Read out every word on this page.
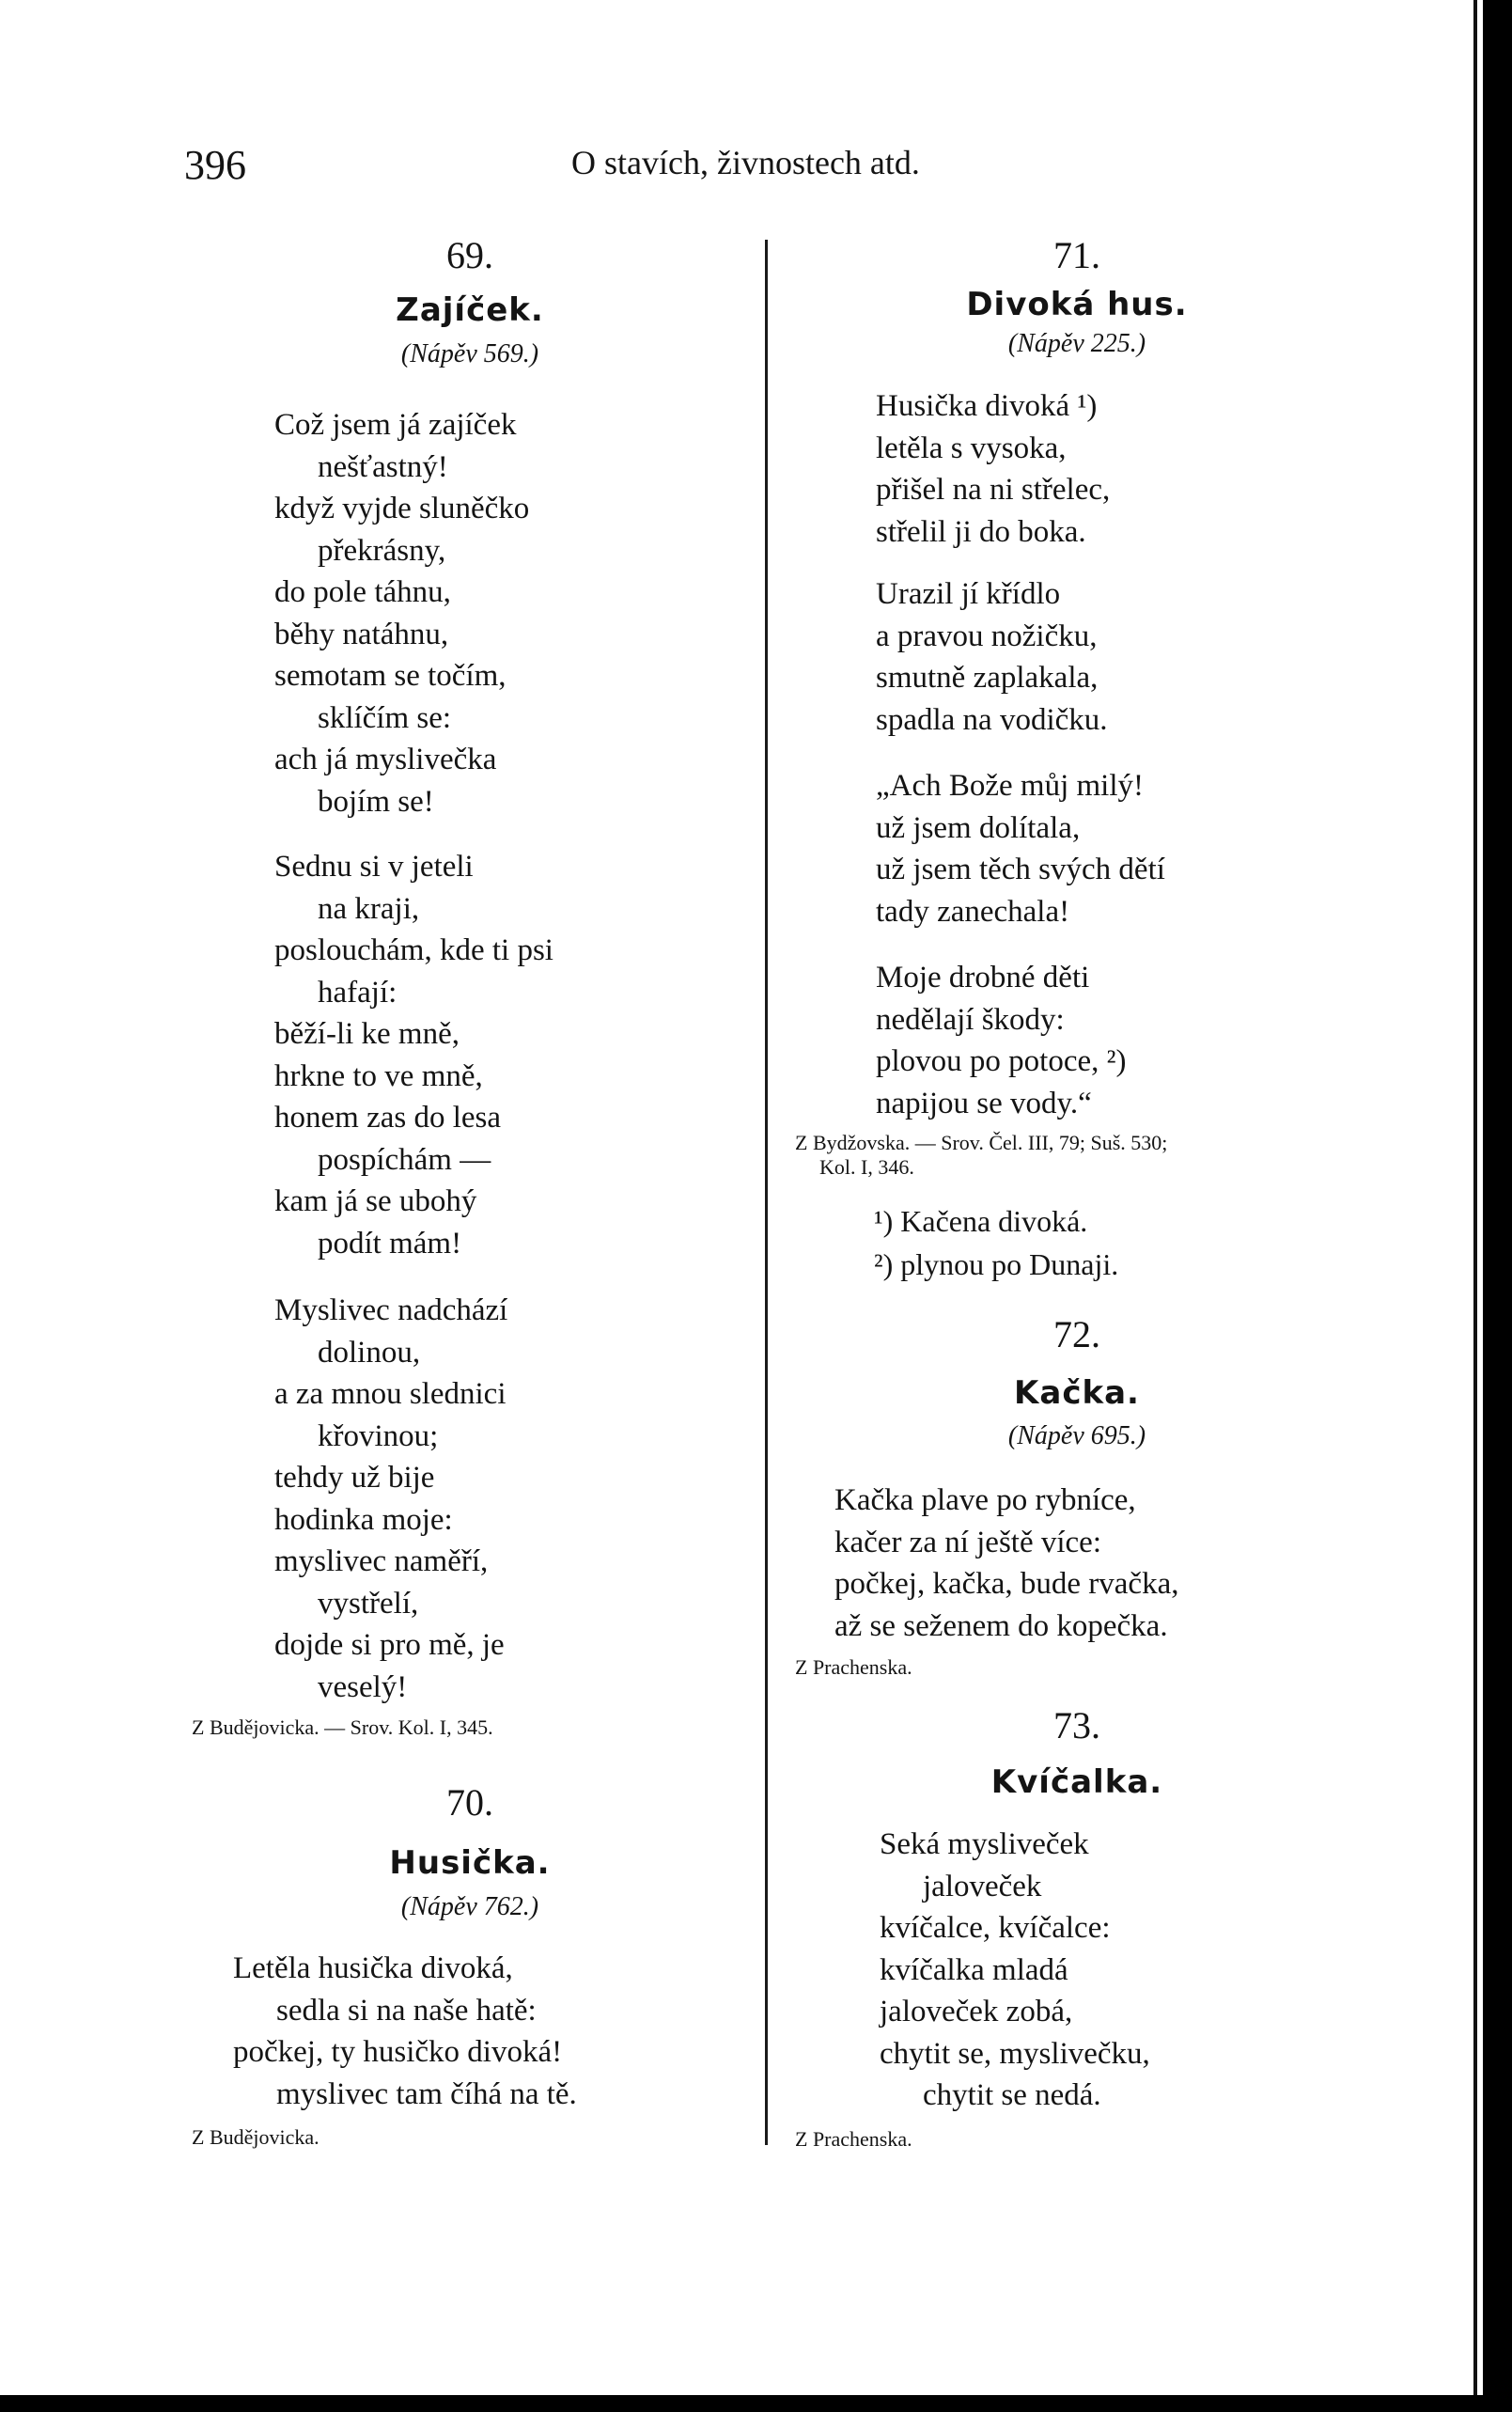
396	O stavích, živnostech atd.
69.
Zajíček.
(Nápěv 569.)
Což jsem já zajíček
nešťastný!
když vyjde sluněčko
překrásny,
do pole táhnu,
běhy natáhnu,
semotam se točím,
sklíčím se:
ach já myslivečka
bojím se!
Sednu si v jeteli
na kraji,
poslouchám, kde ti psi
hafají:
běží-li ke mně,
hrkne to ve mně,
honem zas do lesa
pospíchám —
kam já se ubohý
podít mám!
Myslivec nadchází
dolinou,
a za mnou slednici
křovinou;
tehdy už bije
hodinka moje:
myslivec naměří,
vystřelí,
dojde si pro mě, je
veselý!
Z Budějovicka. — Srov. Kol. I, 345.
70.
Husička.
(Nápěv 762.)
Letěla husička divoká,
sedla si na naše hatě:
počkej, ty husičko divoká!
myslivec tam číhá na tě.
Z Budějovicka.
71.
Divoká hus.
(Nápěv 225.)
Husička divoká ¹)
letěla s vysoka,
přišel na ni střelec,
střelil ji do boka.
Urazil jí křídlo
a pravou nožičku,
smutně zaplakala,
spadla na vodičku.
„Ach Bože můj milý!
už jsem dolítala,
už jsem těch svých dětí
tady zanechala!
Moje drobné děti
nedělají škody:
plovou po potoce, ²)
napijou se vody.“
Z Bydžovska. — Srov. Čel. III, 79; Suš. 530;
Kol. I, 346.
¹) Kačena divoká.
²) plynou po Dunaji.
72.
Kačka.
(Nápěv 695.)
Kačka plave po rybníce,
kačer za ní ještě více:
počkej, kačka, bude rvačka,
až se seženem do kopečka.
Z Prachenska.
73.
Kvíčalka.
Seká mysliveček
jalovеček
kvíčalce, kvíčalce:
kvíčalka mladá
jaloveček zobá,
chytit se, myslivečku,
chytit se nedá.
Z Prachenska.
